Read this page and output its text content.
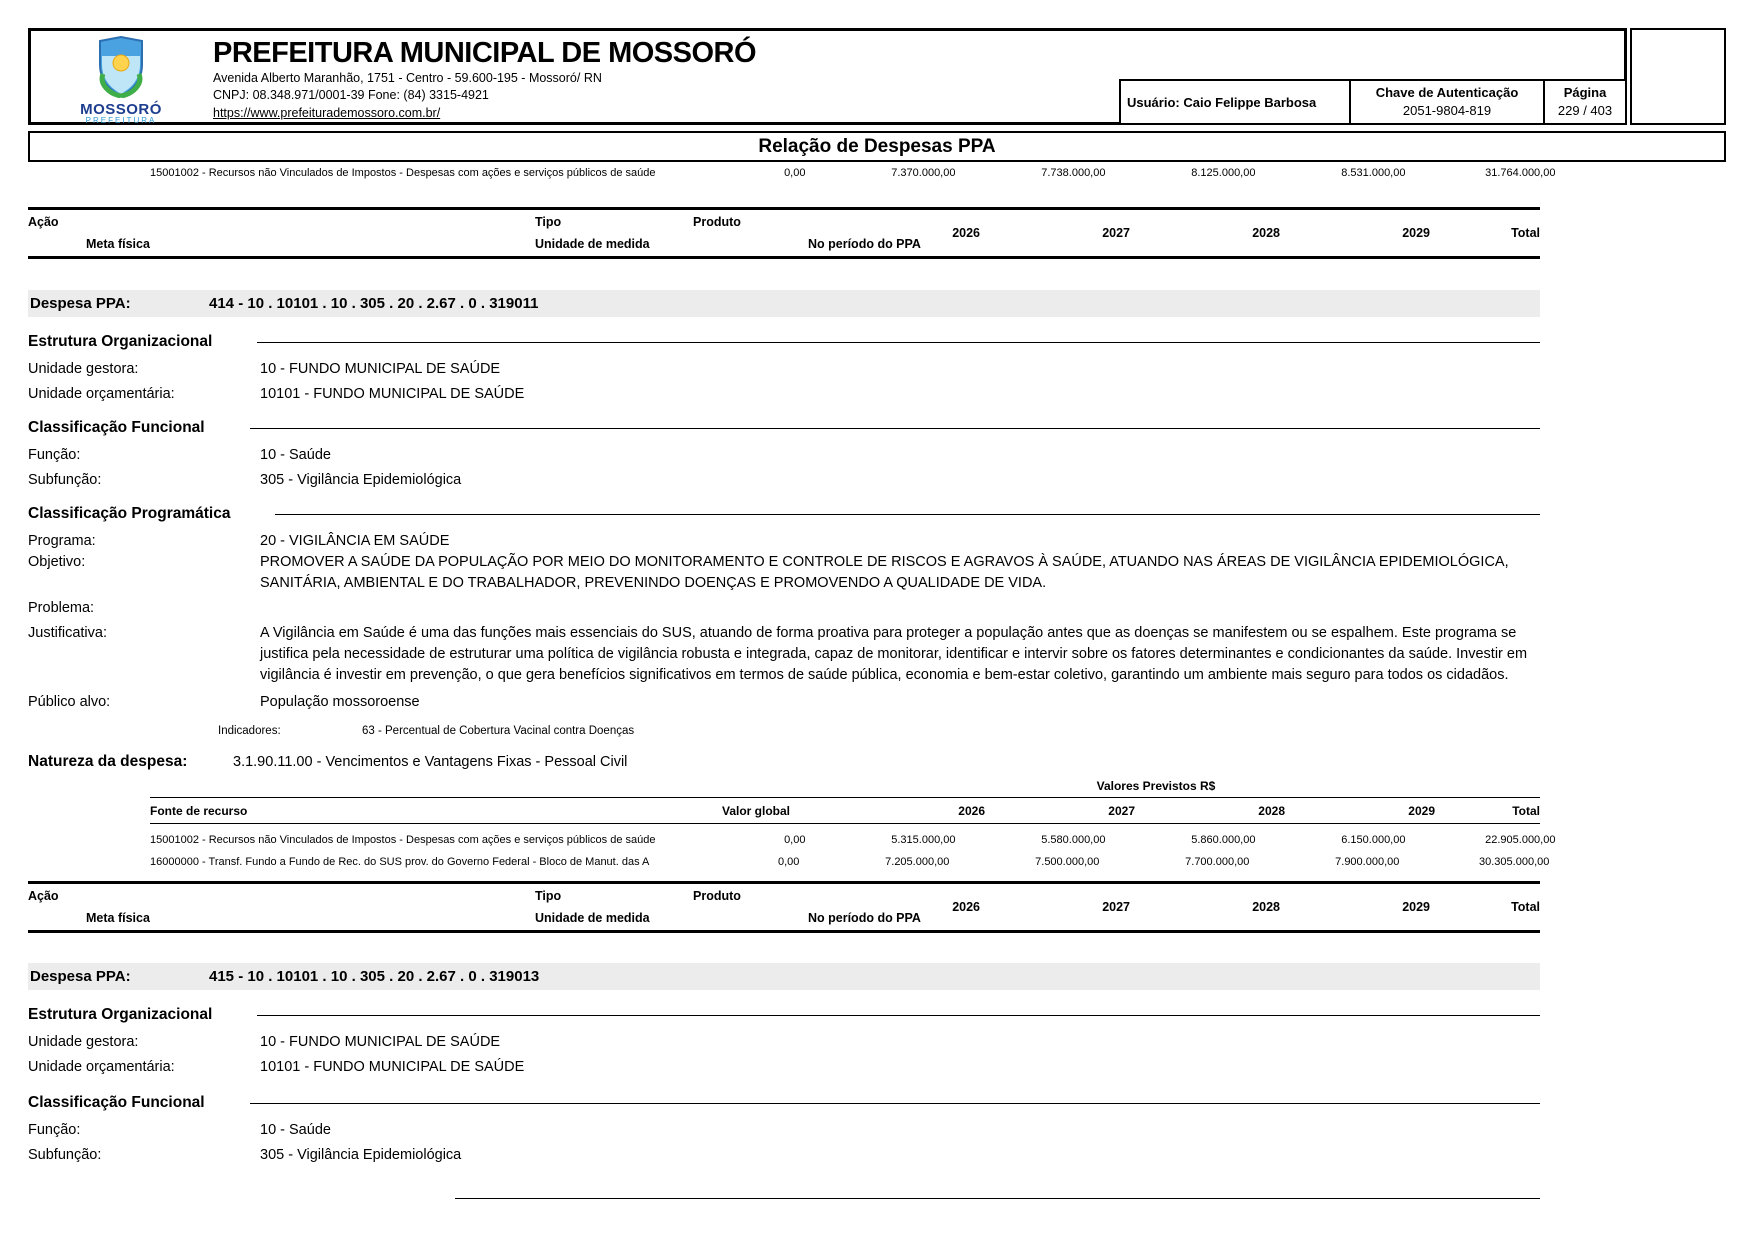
MOSSORÓ
PREFEITURA
PREFEITURA MUNICIPAL DE MOSSORÓ
Avenida Alberto Maranhão, 1751 - Centro - 59.600-195 - Mossoró/ RN
CNPJ: 08.348.971/0001-39 Fone: (84) 3315-4921
https://www.prefeiturademossoro.com.br/
Usuário: Caio Felippe Barbosa
Chave de Autenticação
2051-9804-819
Página
229 / 403
Relação de Despesas PPA
15001002 - Recursos não Vinculados de Impostos - Despesas com ações e serviços públicos de saúde	0,00	7.370.000,00	7.738.000,00	8.125.000,00	8.531.000,00	31.764.000,00
Ação	Tipo	Produto
Meta física	Unidade de medida	No período do PPA
2026	2027	2028	2029	Total
Despesa PPA:	414 - 10 . 10101 . 10 . 305 . 20 . 2.67 . 0 . 319011
Estrutura Organizacional
Unidade gestora:	10 - FUNDO MUNICIPAL DE SAÚDE
Unidade orçamentária:	10101 - FUNDO MUNICIPAL DE SAÚDE
Classificação Funcional
Função:	10 - Saúde
Subfunção:	305 - Vigilância Epidemiológica
Classificação Programática
Programa:	20 - VIGILÂNCIA EM SAÚDE
Objetivo:	PROMOVER A SAÚDE DA POPULAÇÃO POR MEIO DO MONITORAMENTO E CONTROLE DE RISCOS E AGRAVOS À SAÚDE, ATUANDO NAS ÁREAS DE VIGILÂNCIA EPIDEMIOLÓGICA, SANITÁRIA, AMBIENTAL E DO TRABALHADOR, PREVENINDO DOENÇAS E PROMOVENDO A QUALIDADE DE VIDA.
Problema:
Justificativa:	A Vigilância em Saúde é uma das funções mais essenciais do SUS, atuando de forma proativa para proteger a população antes que as doenças se manifestem ou se espalhem. Este programa se justifica pela necessidade de estruturar uma política de vigilância robusta e integrada, capaz de monitorar, identificar e intervir sobre os fatores determinantes e condicionantes da saúde. Investir em vigilância é investir em prevenção, o que gera benefícios significativos em termos de saúde pública, economia e bem-estar coletivo, garantindo um ambiente mais seguro para todos os cidadãos.
Público alvo:	População mossoroense
Indicadores:	63 - Percentual de Cobertura Vacinal contra Doenças
Natureza da despesa:	3.1.90.11.00 - Vencimentos e Vantagens Fixas - Pessoal Civil
Valores Previstos R$
Fonte de recurso	Valor global	2026	2027	2028	2029	Total
15001002 - Recursos não Vinculados de Impostos - Despesas com ações e serviços públicos de saúde	0,00	5.315.000,00	5.580.000,00	5.860.000,00	6.150.000,00	22.905.000,00
16000000 - Transf. Fundo a Fundo de Rec. do SUS prov. do Governo Federal - Bloco de Manut. das A	0,00	7.205.000,00	7.500.000,00	7.700.000,00	7.900.000,00	30.305.000,00
Ação	Tipo	Produto
Meta física	Unidade de medida	No período do PPA
2026	2027	2028	2029	Total
Despesa PPA:	415 - 10 . 10101 . 10 . 305 . 20 . 2.67 . 0 . 319013
Estrutura Organizacional
Unidade gestora:	10 - FUNDO MUNICIPAL DE SAÚDE
Unidade orçamentária:	10101 - FUNDO MUNICIPAL DE SAÚDE
Classificação Funcional
Função:	10 - Saúde
Subfunção:	305 - Vigilância Epidemiológica
